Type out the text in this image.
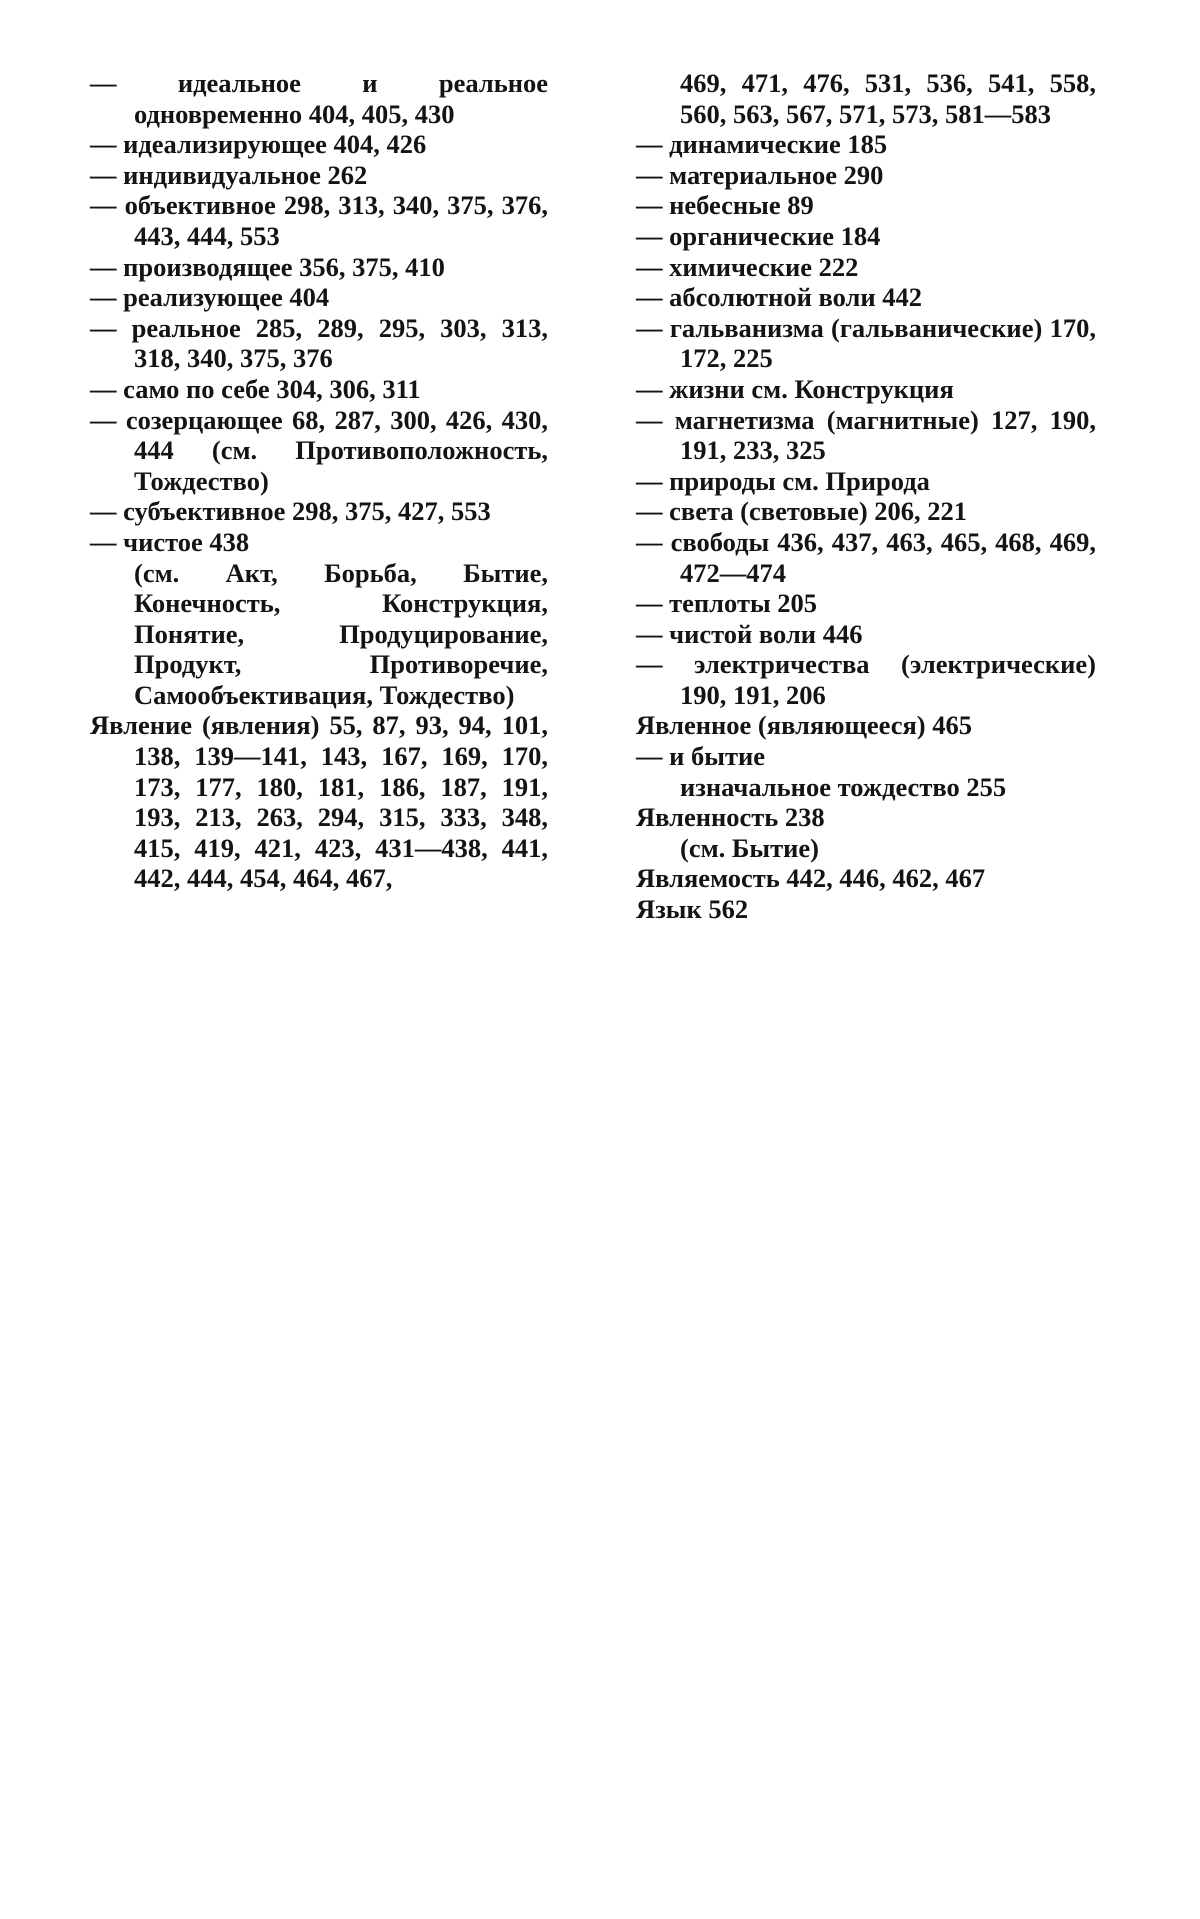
— идеальное и реальное одновременно 404, 405, 430

— идеализирующее 404, 426

— индивидуальное 262

— объективное 298, 313, 340, 375, 376, 443, 444, 553

— производящее 356, 375, 410

— реализующее 404

— реальное 285, 289, 295, 303, 313, 318, 340, 375, 376

— само по себе 304, 306, 311

— созерцающее 68, 287, 300, 426, 430, 444 (см. Противоположность, Тождество)

— субъективное 298, 375, 427, 553

— чистое 438

(см. Акт, Борьба, Бытие, Конечность, Конструкция, Понятие, Продуцирование, Продукт, Противоречие, Самообъективация, Тождество)

Явление (явления) 55, 87, 93, 94, 101, 138, 139—141, 143, 167, 169, 170, 173, 177, 180, 181, 186, 187, 191, 193, 213, 263, 294, 315, 333, 348, 415, 419, 421, 423, 431—438, 441, 442, 444, 454, 464, 467,

469, 471, 476, 531, 536, 541, 558, 560, 563, 567, 571, 573, 581—583

— динамические 185

— материальное 290

— небесные 89

— органические 184

— химические 222

— абсолютной воли 442

— гальванизма (гальванические) 170, 172, 225

— жизни см. Конструкция

— магнетизма (магнитные) 127, 190, 191, 233, 325

— природы см. Природа

— света (световые) 206, 221

— свободы 436, 437, 463, 465, 468, 469, 472—474

— теплоты 205

— чистой воли 446

— электричества (электрические) 190, 191, 206

Явленное (являющееся) 465

— и бытие

изначальное тождество 255

Явленность 238

(см. Бытие)

Являемость 442, 446, 462, 467

Язык 562
